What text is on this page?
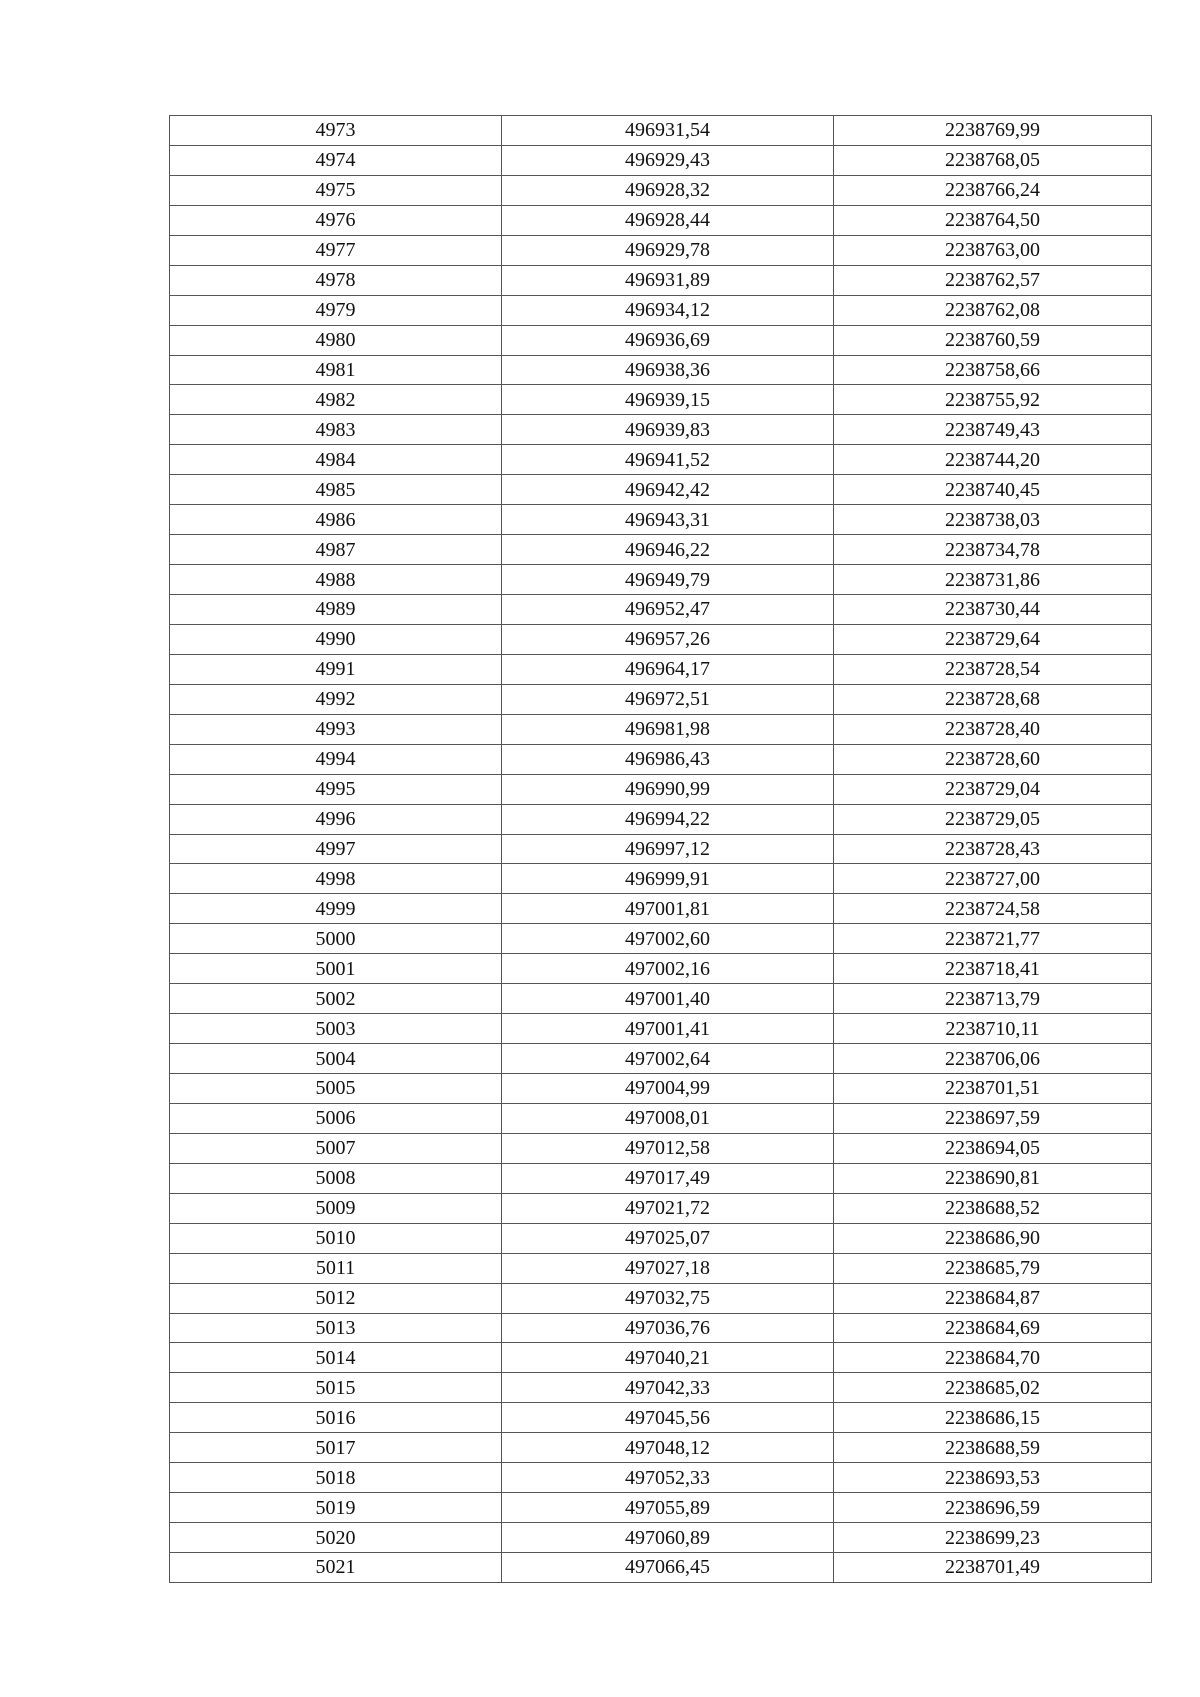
4973	496931,54	2238769,99
4974	496929,43	2238768,05
4975	496928,32	2238766,24
4976	496928,44	2238764,50
4977	496929,78	2238763,00
4978	496931,89	2238762,57
4979	496934,12	2238762,08
4980	496936,69	2238760,59
4981	496938,36	2238758,66
4982	496939,15	2238755,92
4983	496939,83	2238749,43
4984	496941,52	2238744,20
4985	496942,42	2238740,45
4986	496943,31	2238738,03
4987	496946,22	2238734,78
4988	496949,79	2238731,86
4989	496952,47	2238730,44
4990	496957,26	2238729,64
4991	496964,17	2238728,54
4992	496972,51	2238728,68
4993	496981,98	2238728,40
4994	496986,43	2238728,60
4995	496990,99	2238729,04
4996	496994,22	2238729,05
4997	496997,12	2238728,43
4998	496999,91	2238727,00
4999	497001,81	2238724,58
5000	497002,60	2238721,77
5001	497002,16	2238718,41
5002	497001,40	2238713,79
5003	497001,41	2238710,11
5004	497002,64	2238706,06
5005	497004,99	2238701,51
5006	497008,01	2238697,59
5007	497012,58	2238694,05
5008	497017,49	2238690,81
5009	497021,72	2238688,52
5010	497025,07	2238686,90
5011	497027,18	2238685,79
5012	497032,75	2238684,87
5013	497036,76	2238684,69
5014	497040,21	2238684,70
5015	497042,33	2238685,02
5016	497045,56	2238686,15
5017	497048,12	2238688,59
5018	497052,33	2238693,53
5019	497055,89	2238696,59
5020	497060,89	2238699,23
5021	497066,45	2238701,49
